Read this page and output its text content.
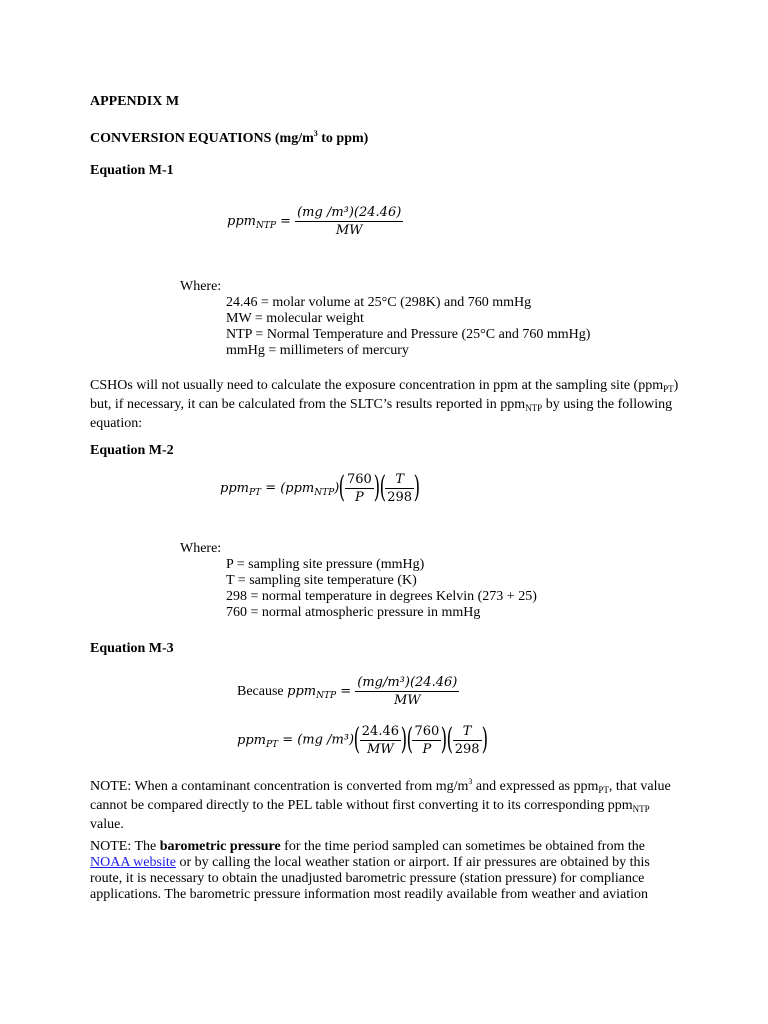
APPENDIX M
CONVERSION EQUATIONS ($mg/m^3$ to ppm)
Equation M-1
$ppm_{NTP} = \frac{\text{(mg /m³)(24.46)}}{MW}$
Where:
24.46 = molar volume at 25°C (298K) and 760 mmHg
MW = molecular weight
NTP = Normal Temperature and Pressure (25°C and 760 mmHg)
mmHg = millimeters of mercury

CSHOs will not usually need to calculate the exposure concentration in ppm at the sampling site (ppm$_{PT}$) but, if necessary, it can be calculated from the SLTC’s results reported in ppm$_{NTP}$ by using the following equation:

Equation M-2
$ppm_{PT} = (ppm_{NTP})( \frac{760}{P}$ )( $\frac{T}{298}$ )
Where:
P = sampling site pressure (mmHg)
T = sampling site temperature (K)
298 = normal temperature in degrees Kelvin (273 + 25)
760 = normal atmospheric pressure in mmHg
Equation M-3
Because $ppm_{NTP} = \frac{\text{(mg/m³)(24.46)}}{MW}$
ppm$_{PT}$ = (mg $/m^3)( \frac{24.46}{MW}$ )( $\frac{760}{P}$ )( $\frac{T}{298}$ )

NOTE: When a contaminant concentration is converted from $mg/m^3$ and expressed as ppm$_{PT}$, that value cannot be compared directly to the PEL table without first converting it to its corresponding ppm$_{NTP}$ value.

NOTE: The barometric pressure for the time period sampled can sometimes be obtained from the NOAA website or by calling the local weather station or airport. If air pressures are obtained by this route, it is necessary to obtain the unadjusted barometric pressure (station pressure) for compliance applications. The barometric pressure information most readily available from weather and aviation
